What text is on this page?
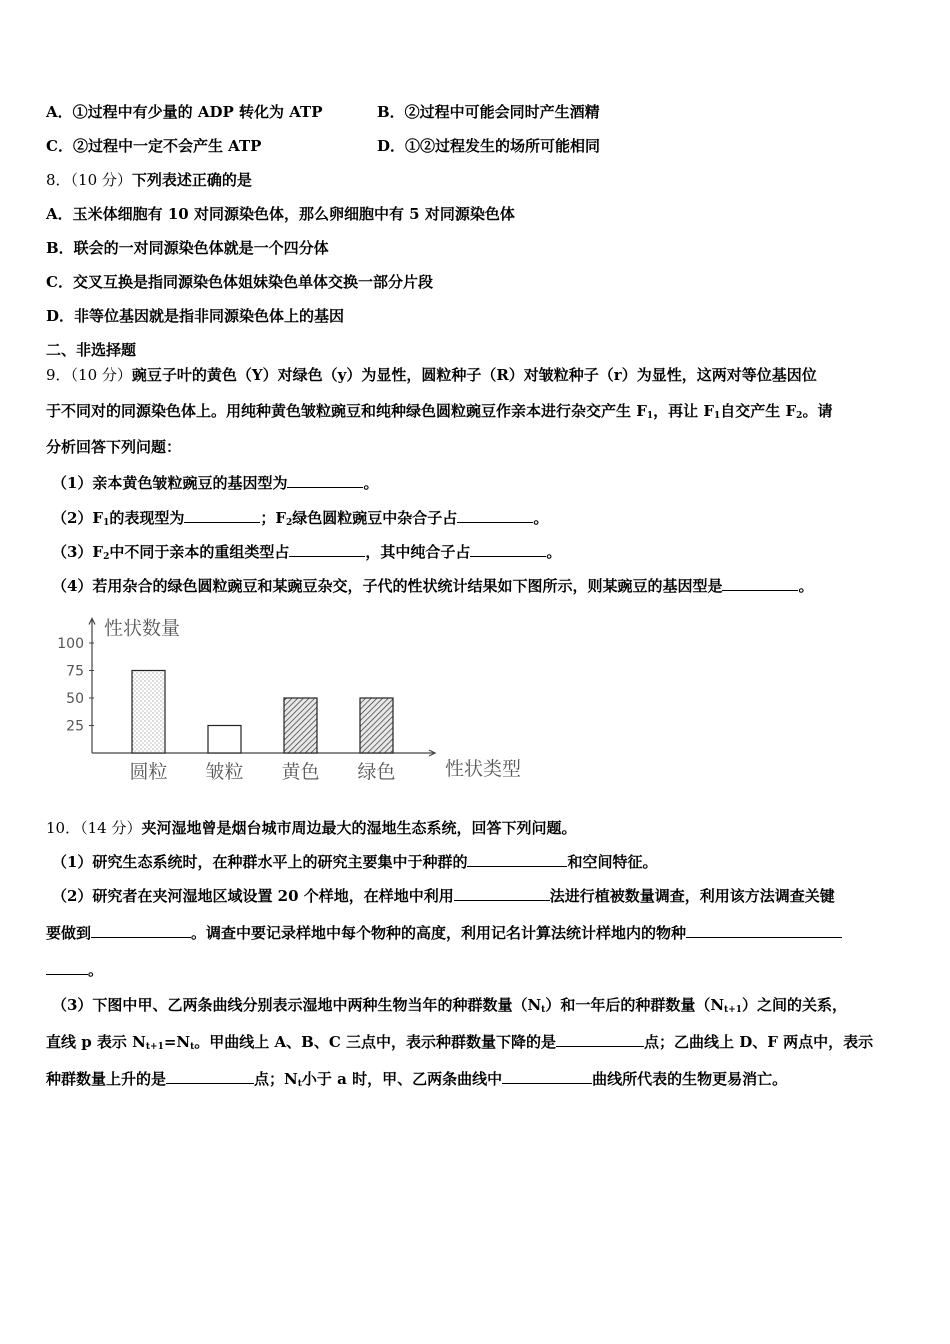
A．①过程中有少量的 ADP 转化为 ATP	B．②过程中可能会同时产生酒精
C．②过程中一定不会产生 ATP	D．①②过程发生的场所可能相同
8．（10 分）下列表述正确的是
A．玉米体细胞有 10 对同源染色体，那么卵细胞中有 5 对同源染色体
B．联会的一对同源染色体就是一个四分体
C．交叉互换是指同源染色体姐妹染色单体交换一部分片段
D．非等位基因就是指非同源染色体上的基因
二、非选择题
9．（10 分）豌豆子叶的黄色（Y）对绿色（y）为显性，圆粒种子（R）对皱粒种子（r）为显性，这两对等位基因位
于不同对的同源染色体上。用纯种黄色皱粒豌豆和纯种绿色圆粒豌豆作亲本进行杂交产生 $F_1$，再让 $F_1$自交产生 $F_2$。请
分析回答下列问题：
（1）亲本黄色皱粒豌豆的基因型为	。
$(2)F_1$的表现型为	；$F_2$绿色圆粒豌豆中杂合子占	。
$(3)F_2$中不同于亲本的重组类型占	，其中纯合子占	。
（4）若用杂合的绿色圆粒豌豆和某豌豆杂交，子代的性状统计结果如下图所示，则某豌豆的基因型是	。
性状数量
性状类型
100
75
50
25
圆粒 皱粒 黄色 绿色
10．（14 分）夹河湿地曾是烟台城市周边最大的湿地生态系统，回答下列问题。
（1）研究生态系统时，在种群水平上的研究主要集中于种群的	和空间特征。
（2）研究者在夹河湿地区域设置 20 个样地，在样地中利用	法进行植被数量调查，利用该方法调查关键
要做到	。调查中要记录样地中每个物种的高度，利用记名计算法统计样地内的物种
。
（3）下图中甲、乙两条曲线分别表示湿地中两种生物当年的种群数量$(N_t)$和一年后的种群数量$(N_{t+1})$之间的关系，
直线 p 表示 $N_{t+1}=N_t$。甲曲线上 A、B、C 三点中，表示种群数量下降的是	点；乙曲线上 D、F 两点中，表示
种群数量上升的是	点；$N_t$小于 a 时，甲、乙两条曲线中	曲线所代表的生物更易消亡。
